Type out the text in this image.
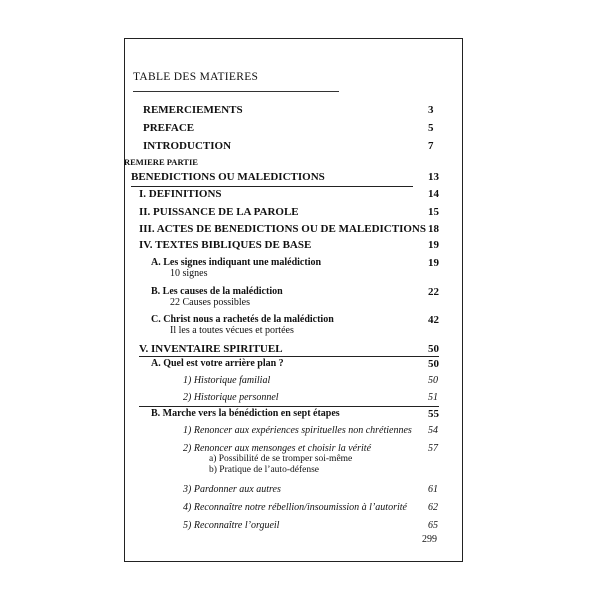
TABLE DES MATIERES
REMERCIEMENTS	3
PREFACE	5
INTRODUCTION	7
REMIERE PARTIE
BENEDICTIONS OU MALEDICTIONS	13
I. DEFINITIONS	14
II. PUISSANCE DE LA PAROLE	15
III. ACTES DE BENEDICTIONS OU DE MALEDICTIONS 18
IV. TEXTES BIBLIQUES DE BASE	19
A. Les signes indiquant une malédiction	19
10 signes
B. Les causes de la malédiction	22
22 Causes possibles
C. Christ nous a rachetés de la malédiction	42
Il les a toutes vécues et portées
V. INVENTAIRE SPIRITUEL	50
A. Quel est votre arrière plan ?	50
1) Historique familial	50
2) Historique personnel	51
B. Marche vers la bénédiction en sept étapes	55
1) Renoncer aux expériences spirituelles non chrétiennes 54
2) Renoncer aux mensonges et choisir la vérité	57
a) Possibilité de se tromper soi-même
b) Pratique de l’auto-défense
3) Pardonner aux autres	61
4) Reconnaître notre rébellion/insoumission à l’autorité 62
5) Reconnaître l’orgueil	65
299
